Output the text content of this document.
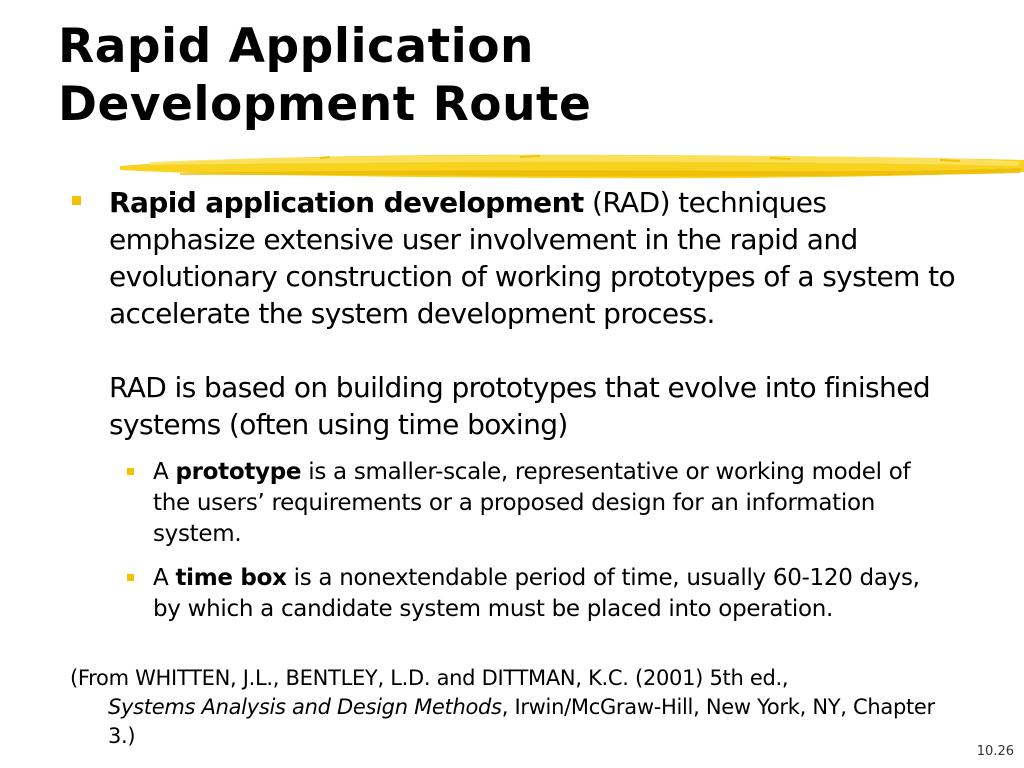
Rapid Application
Development Route

Rapid application development (RAD) techniques emphasize extensive user involvement in the rapid and evolutionary construction of working prototypes of a system to accelerate the system development process.

RAD is based on building prototypes that evolve into finished systems (often using time boxing)

A prototype is a smaller-scale, representative or working model of the users’ requirements or a proposed design for an information system.
A time box is a nonextendable period of time, usually 60-120 days, by which a candidate system must be placed into operation.
(From WHITTEN, J.L., BENTLEY, L.D. and DITTMAN, K.C. (2001) 5th ed.,
Systems Analysis and Design Methods, Irwin/McGraw-Hill, New York, NY, Chapter 3.)
10.26
